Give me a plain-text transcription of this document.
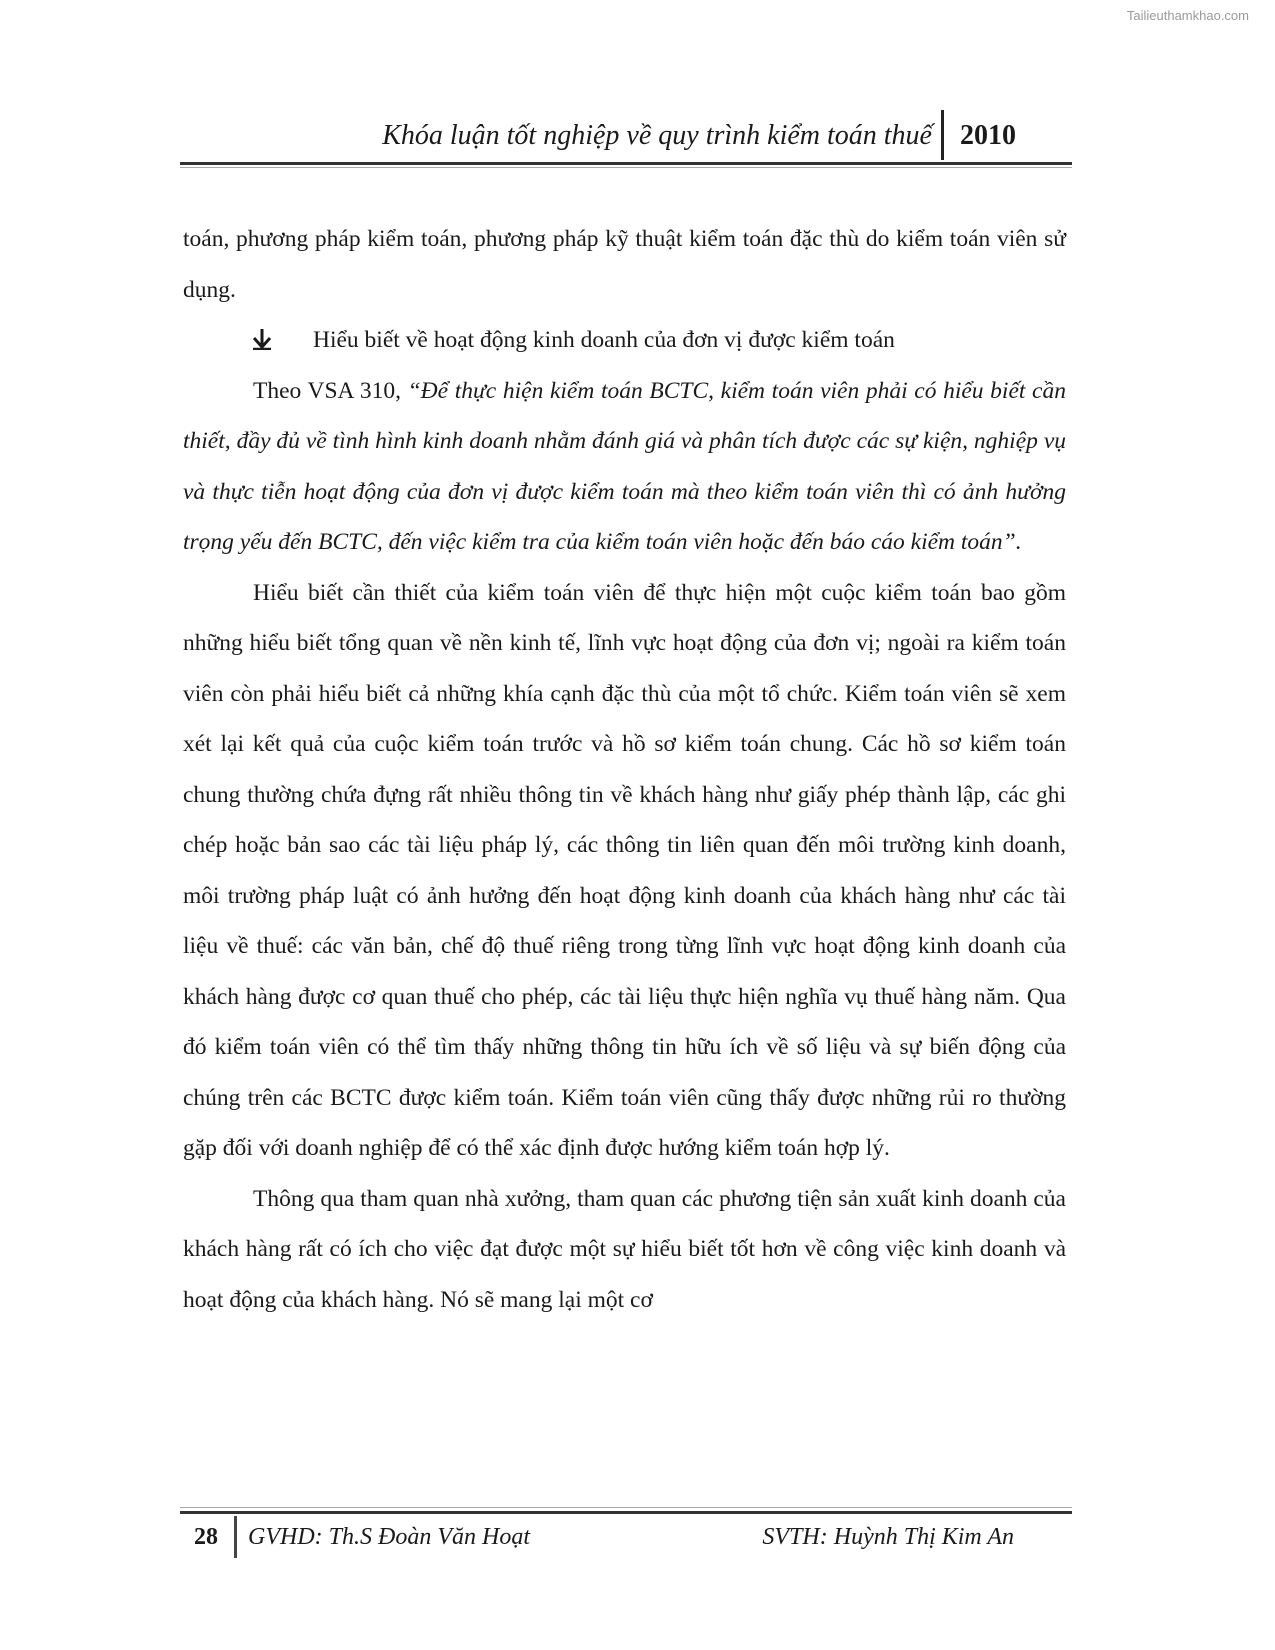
Tailieuthamkhao.com
Khóa luận tốt nghiệp về quy trình kiểm toán thuế 2010

toán, phương pháp kiểm toán, phương pháp kỹ thuật kiểm toán đặc thù do kiểm toán viên sử dụng.

Hiểu biết về hoạt động kinh doanh của đơn vị được kiểm toán

Theo VSA 310, “Để thực hiện kiểm toán BCTC, kiểm toán viên phải có hiểu biết cần thiết, đầy đủ về tình hình kinh doanh nhằm đánh giá và phân tích được các sự kiện, nghiệp vụ và thực tiễn hoạt động của đơn vị được kiểm toán mà theo kiểm toán viên thì có ảnh hưởng trọng yếu đến BCTC, đến việc kiểm tra của kiểm toán viên hoặc đến báo cáo kiểm toán”.

Hiểu biết cần thiết của kiểm toán viên để thực hiện một cuộc kiểm toán bao gồm những hiểu biết tổng quan về nền kinh tế, lĩnh vực hoạt động của đơn vị; ngoài ra kiểm toán viên còn phải hiểu biết cả những khía cạnh đặc thù của một tổ chức. Kiểm toán viên sẽ xem xét lại kết quả của cuộc kiểm toán trước và hồ sơ kiểm toán chung. Các hồ sơ kiểm toán chung thường chứa đựng rất nhiều thông tin về khách hàng như giấy phép thành lập, các ghi chép hoặc bản sao các tài liệu pháp lý, các thông tin liên quan đến môi trường kinh doanh, môi trường pháp luật có ảnh hưởng đến hoạt động kinh doanh của khách hàng như các tài liệu về thuế: các văn bản, chế độ thuế riêng trong từng lĩnh vực hoạt động kinh doanh của khách hàng được cơ quan thuế cho phép, các tài liệu thực hiện nghĩa vụ thuế hàng năm. Qua đó kiểm toán viên có thể tìm thấy những thông tin hữu ích về số liệu và sự biến động của chúng trên các BCTC được kiểm toán. Kiểm toán viên cũng thấy được những rủi ro thường gặp đối với doanh nghiệp để có thể xác định được hướng kiểm toán hợp lý.

Thông qua tham quan nhà xưởng, tham quan các phương tiện sản xuất kinh doanh của khách hàng rất có ích cho việc đạt được một sự hiểu biết tốt hơn về công việc kinh doanh và hoạt động của khách hàng. Nó sẽ mang lại một cơ

28 GVHD: Th.S Đoàn Văn Hoạt	SVTH: Huỳnh Thị Kim An
